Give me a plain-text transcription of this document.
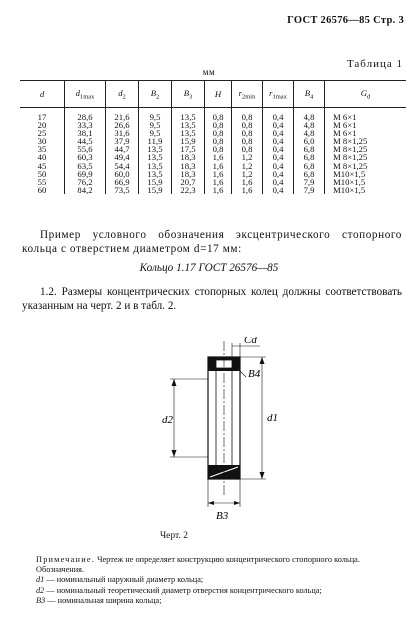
ГОСТ 26576—85 Стр. 3
мм
Таблица 1
d	$d_{1max}$	$d_2$	$B_2$	$B_3$	H	$r_{2min}$	$r_{1max}$	$B_4$	$G_d$
17	28,6	21,6	9,5	13,5	0,8	0,8	0,4	4,8	М 6×1
20	33,3	26,6	9,5	13,5	0,8	0,8	0,4	4,8	М 6×1
25	38,1	31,6	9,5	13,5	0,8	0,8	0,4	4,8	М 6×1
30	44,5	37,9	11,9	15,9	0,8	0,8	0,4	6,0	М 8×1,25
35	55,6	44,7	13,5	17,5	0,8	0,8	0,4	6,8	М 8×1,25
40	60,3	49,4	13,5	18,3	1,6	1,2	0,4	6,8	М 8×1,25
45	63,5	54,4	13,5	18,3	1,6	1,2	0,4	6,8	М 8×1,25
50	69,9	60,0	13,5	18,3	1,6	1,2	0,4	6,8	М10×1,5
55	76,2	66,9	15,9	20,7	1,6	1,6	0,4	7,9	М10×1,5
60	84,2	73,5	15,9	22,3	1,6	1,6	0,4	7,9	М10×1,5
Пример условного обозначения эксцентрического стопорного кольца с отверстием диаметром d=17 мм:
Кольцо 1.17 ГОСТ 26576—85
1.2. Размеры концентрических стопорных колец должны соответствовать указанным на черт. 2 и в табл. 2.
Cd
B4
d2	d1
B3
Черт. 2
Примечание. Чертеж не определяет конструкцию концентрического стопорного кольца.
Обозначения.
d1 — номинальный наружный диаметр кольца;
d2 — номинальный теоретический диаметр отверстия концентрического кольца;
B3 — номинальная ширина кольца;
